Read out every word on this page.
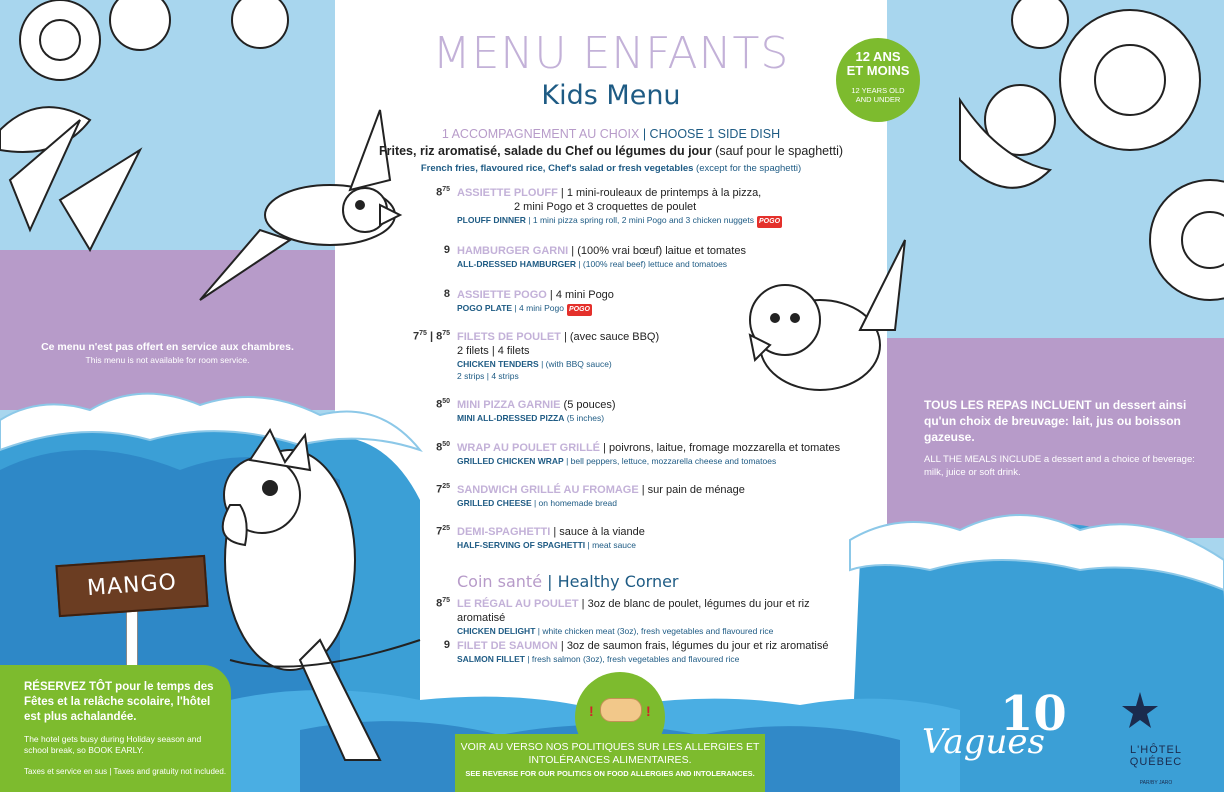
MENU ENFANTS
Kids Menu
12 ANS
ET MOINS
12 YEARS OLD
AND UNDER
1 ACCOMPAGNEMENT AU CHOIX | CHOOSE 1 SIDE DISH
Frites, riz aromatisé, salade du Chef ou légumes du jour (sauf pour le spaghetti)
French fries, flavoured rice, Chef's salad or fresh vegetables (except for the spaghetti)
$8^{75}$ ASSIETTE PLOUFF | 1 mini-rouleaux de printemps à la pizza,
2 mini Pogo et 3 croquettes de poulet
PLOUFF DINNER | 1 mini pizza spring roll, 2 mini Pogo and 3 chicken nuggets POGO
9 HAMBURGER GARNI | (100% vrai bœuf) laitue et tomates
ALL-DRESSED HAMBURGER | (100% real beef) lettuce and tomatoes
8 ASSIETTE POGO | 4 mini Pogo
POGO PLATE | 4 mini Pogo POGO
$7^{75}$ | $8^{75}$ FILETS DE POULET | (avec sauce BBQ)
2 filets | 4 filets
CHICKEN TENDERS | (with BBQ sauce)
2 strips | 4 strips
$8^{50}$ MINI PIZZA GARNIE (5 pouces)
MINI ALL-DRESSED PIZZA (5 inches)
$8^{50}$ WRAP AU POULET GRILLÉ | poivrons, laitue, fromage mozzarella et tomates
GRILLED CHICKEN WRAP | bell peppers, lettuce, mozzarella cheese and tomatoes
$7^{25}$ SANDWICH GRILLÉ AU FROMAGE | sur pain de ménage
GRILLED CHEESE | on homemade bread
$7^{25}$ DEMI-SPAGHETTI | sauce à la viande
HALF-SERVING OF SPAGHETTI | meat sauce
Coin santé | Healthy Corner
$8^{75}$ LE RÉGAL AU POULET | 3oz de blanc de poulet, légumes du jour et riz aromatisé
CHICKEN DELIGHT | white chicken meat (3oz), fresh vegetables and flavoured rice
9 FILET DE SAUMON | 3oz de saumon frais, légumes du jour et riz aromatisé
SALMON FILLET | fresh salmon (3oz), fresh vegetables and flavoured rice
Ce menu n'est pas offert en service aux chambres.
This menu is not available for room service.
TOUS LES REPAS INCLUENT un dessert ainsi qu'un choix de breuvage: lait, jus ou boisson gazeuse.
ALL THE MEALS INCLUDE a dessert and a choice of beverage: milk, juice or soft drink.
MANGO
RÉSERVEZ TÔT pour le temps des Fêtes et la relâche scolaire, l'hôtel est plus achalandée.
The hotel gets busy during Holiday season and school break, so BOOK EARLY.
Taxes et service en sus | Taxes and gratuity not included.
!	!
VOIR AU VERSO NOS POLITIQUES SUR LES ALLERGIES ET INTOLÉRANCES ALIMENTAIRES.
SEE REVERSE FOR OUR POLITICS ON FOOD ALLERGIES AND INTOLERANCES.
10
Vagues	L'HÔTEL
QUÉBEC
PAR/BY JARO
